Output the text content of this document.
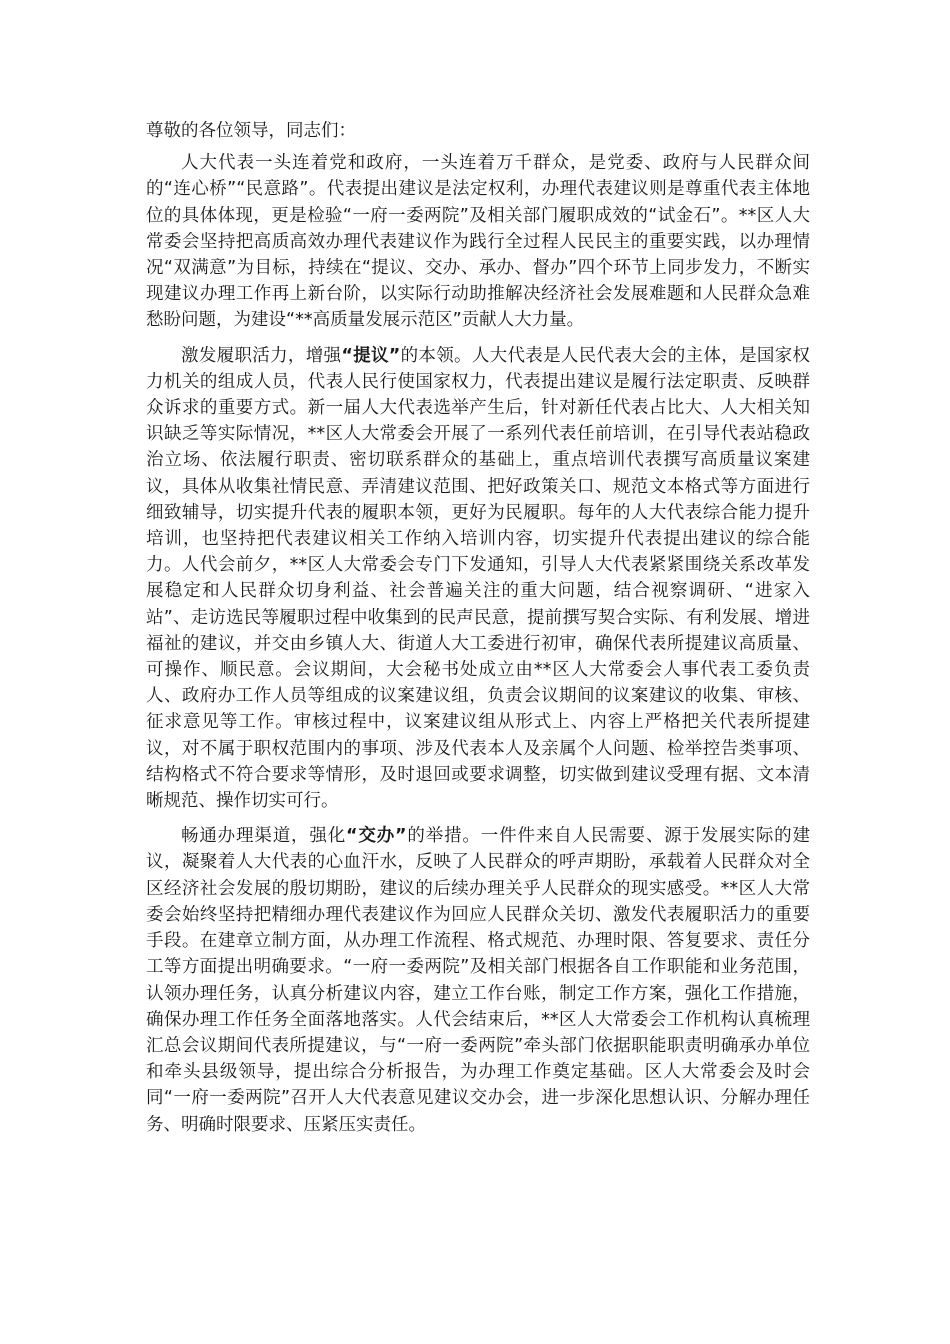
尊敬的各位领导，同志们：

人大代表一头连着党和政府，一头连着万千群众，是党委、政府与人民群众间的“连心桥”“民意路”。代表提出建议是法定权利，办理代表建议则是尊重代表主体地位的具体体现，更是检验“一府一委两院”及相关部门履职成效的“试金石”。**区人大常委会坚持把高质高效办理代表建议作为践行全过程人民民主的重要实践，以办理情况“双满意”为目标，持续在“提议、交办、承办、督办”四个环节上同步发力，不断实现建议办理工作再上新台阶，以实际行动助推解决经济社会发展难题和人民群众急难愁盼问题，为建设“**高质量发展示范区”贡献人大力量。

激发履职活力，增强“提议”的本领。人大代表是人民代表大会的主体，是国家权力机关的组成人员，代表人民行使国家权力，代表提出建议是履行法定职责、反映群众诉求的重要方式。新一届人大代表选举产生后，针对新任代表占比大、人大相关知识缺乏等实际情况，**区人大常委会开展了一系列代表任前培训，在引导代表站稳政治立场、依法履行职责、密切联系群众的基础上，重点培训代表撰写高质量议案建议，具体从收集社情民意、弄清建议范围、把好政策关口、规范文本格式等方面进行细致辅导，切实提升代表的履职本领，更好为民履职。每年的人大代表综合能力提升培训，也坚持把代表建议相关工作纳入培训内容，切实提升代表提出建议的综合能力。人代会前夕，**区人大常委会专门下发通知，引导人大代表紧紧围绕关系改革发展稳定和人民群众切身利益、社会普遍关注的重大问题，结合视察调研、“进家入站”、走访选民等履职过程中收集到的民声民意，提前撰写契合实际、有利发展、增进福祉的建议，并交由乡镇人大、街道人大工委进行初审，确保代表所提建议高质量、可操作、顺民意。会议期间，大会秘书处成立由**区人大常委会人事代表工委负责人、政府办工作人员等组成的议案建议组，负责会议期间的议案建议的收集、审核、征求意见等工作。审核过程中，议案建议组从形式上、内容上严格把关代表所提建议，对不属于职权范围内的事项、涉及代表本人及亲属个人问题、检举控告类事项、结构格式不符合要求等情形，及时退回或要求调整，切实做到建议受理有据、文本清晰规范、操作切实可行。

畅通办理渠道，强化“交办”的举措。一件件来自人民需要、源于发展实际的建议，凝聚着人大代表的心血汗水，反映了人民群众的呼声期盼，承载着人民群众对全区经济社会发展的殷切期盼，建议的后续办理关乎人民群众的现实感受。**区人大常委会始终坚持把精细办理代表建议作为回应人民群众关切、激发代表履职活力的重要手段。在建章立制方面，从办理工作流程、格式规范、办理时限、答复要求、责任分工等方面提出明确要求。“一府一委两院”及相关部门根据各自工作职能和业务范围，认领办理任务，认真分析建议内容，建立工作台账，制定工作方案，强化工作措施，确保办理工作任务全面落地落实。人代会结束后，**区人大常委会工作机构认真梳理汇总会议期间代表所提建议，与“一府一委两院”牵头部门依据职能职责明确承办单位和牵头县级领导，提出综合分析报告，为办理工作奠定基础。区人大常委会及时会同“一府一委两院”召开人大代表意见建议交办会，进一步深化思想认识、分解办理任务、明确时限要求、压紧压实责任。
